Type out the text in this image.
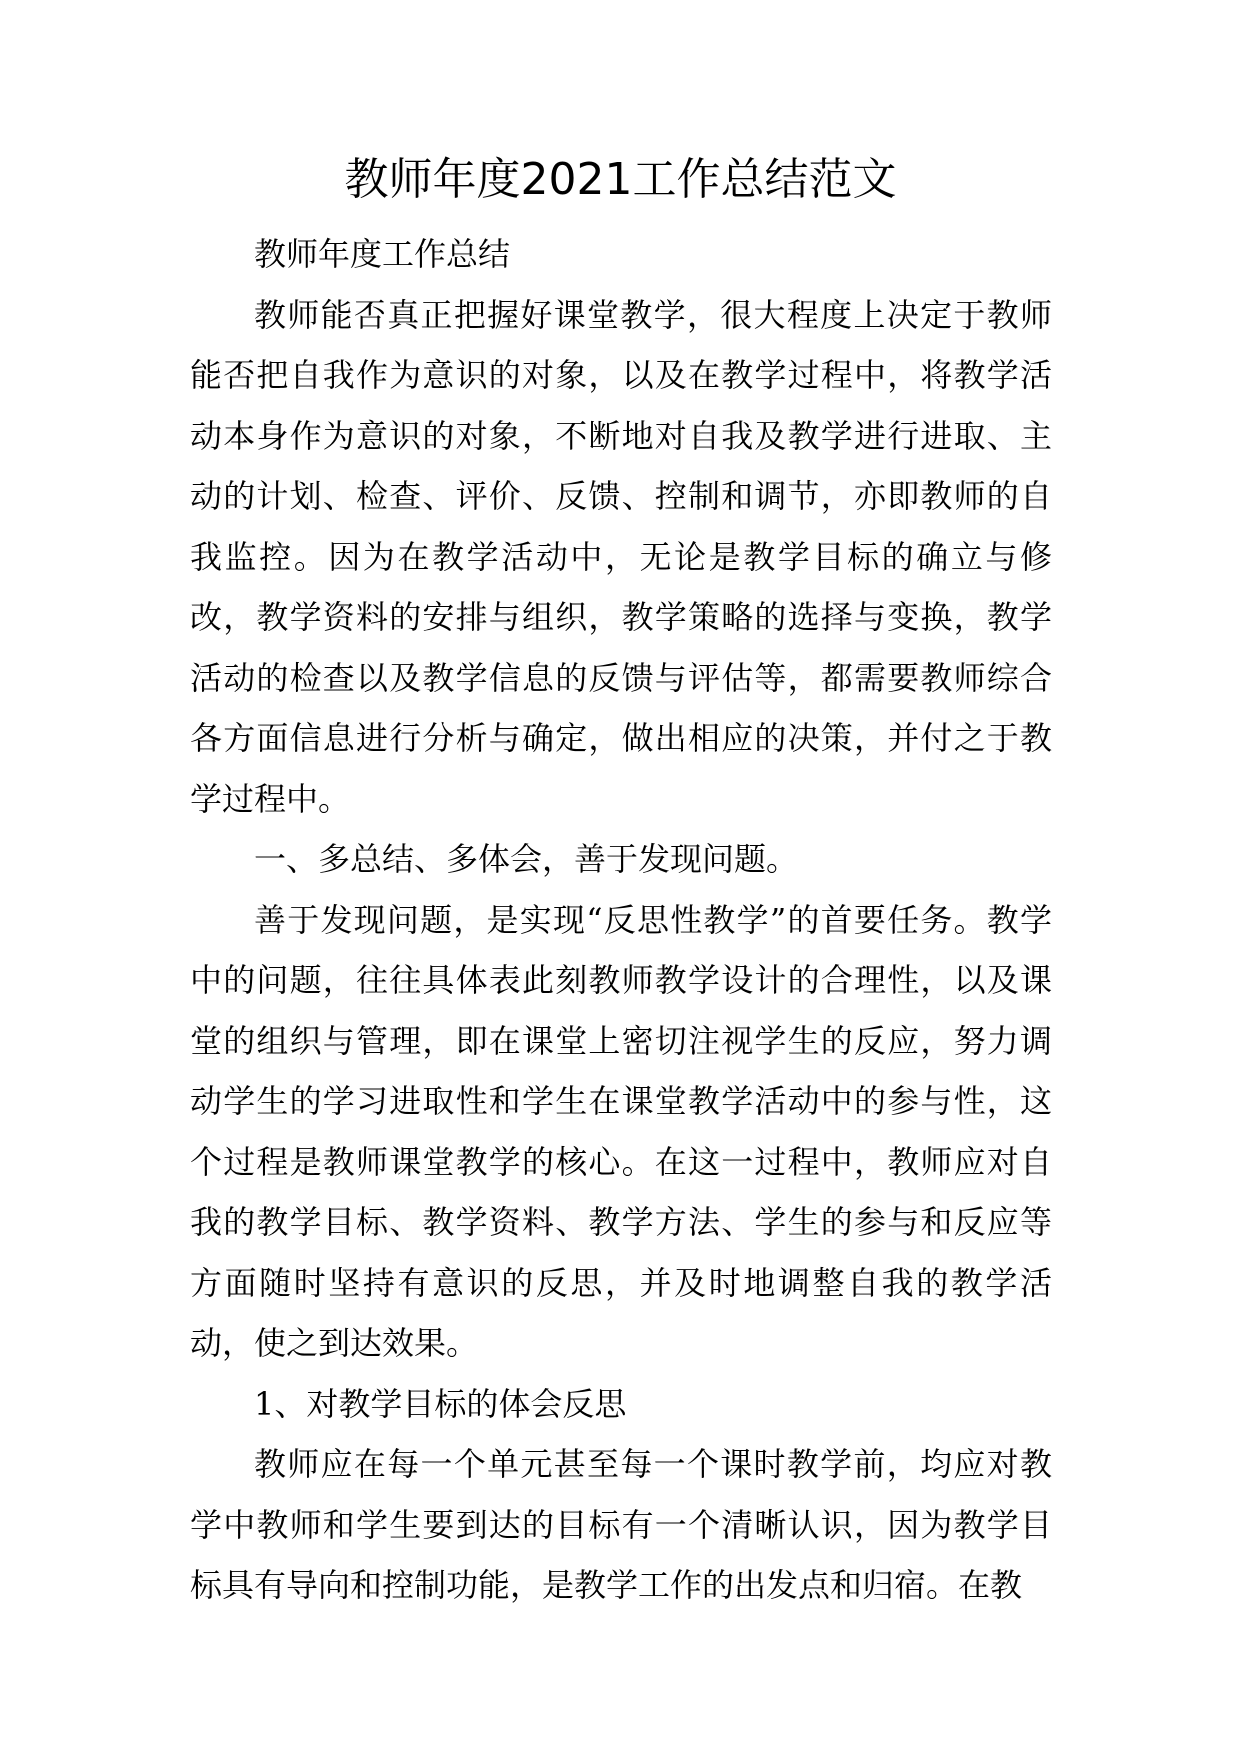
教师年度2021工作总结范文

教师年度工作总结

教师能否真正把握好课堂教学，很大程度上决定于教师能否把自我作为意识的对象，以及在教学过程中，将教学活动本身作为意识的对象，不断地对自我及教学进行进取、主动的计划、检查、评价、反馈、控制和调节，亦即教师的自我监控。因为在教学活动中，无论是教学目标的确立与修改，教学资料的安排与组织，教学策略的选择与变换，教学活动的检查以及教学信息的反馈与评估等，都需要教师综合各方面信息进行分析与确定，做出相应的决策，并付之于教学过程中。

一、多总结、多体会，善于发现问题。

善于发现问题，是实现“反思性教学”的首要任务。教学中的问题，往往具体表此刻教师教学设计的合理性，以及课堂的组织与管理，即在课堂上密切注视学生的反应，努力调动学生的学习进取性和学生在课堂教学活动中的参与性，这个过程是教师课堂教学的核心。在这一过程中，教师应对自我的教学目标、教学资料、教学方法、学生的参与和反应等方面随时坚持有意识的反思，并及时地调整自我的教学活动，使之到达效果。

1、对教学目标的体会反思

教师应在每一个单元甚至每一个课时教学前，均应对教学中教师和学生要到达的目标有一个清晰认识，因为教学目标具有导向和控制功能，是教学工作的出发点和归宿。在教
